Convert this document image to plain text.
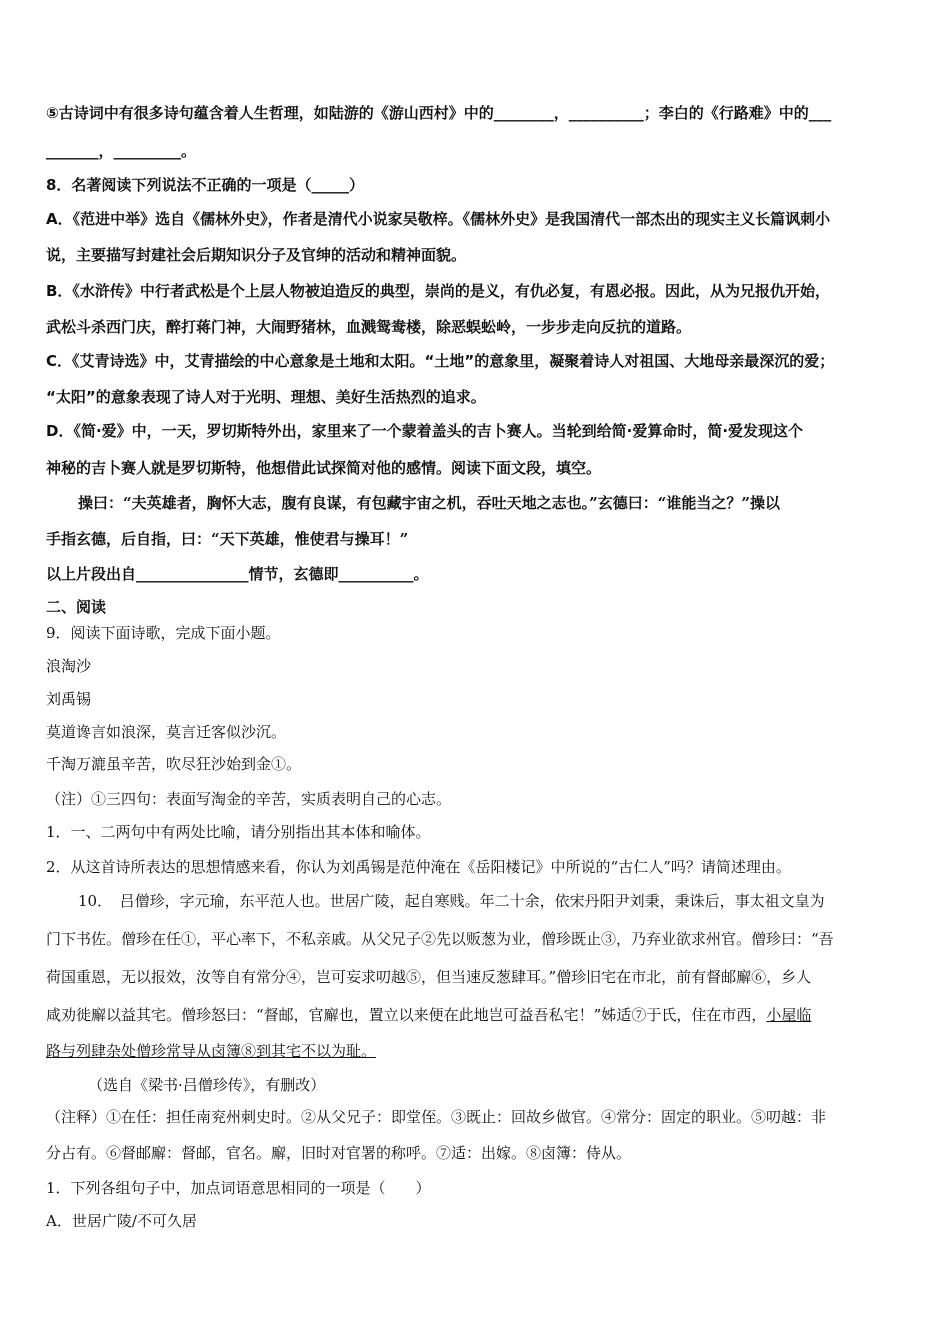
⑤古诗词中有很多诗句蕴含着人生哲理，如陆游的《游山西村》中的________，__________；李白的《行路难》中的___
_______，_________。
8．名著阅读下列说法不正确的一项是（_____）
A．《范进中举》选自《儒林外史》，作者是清代小说家吴敬梓。《儒林外史》是我国清代一部杰出的现实主义长篇讽刺小
说，主要描写封建社会后期知识分子及官绅的活动和精神面貌。
B．《水浒传》中行者武松是个上层人物被迫造反的典型，崇尚的是义，有仇必复，有恩必报。因此，从为兄报仇开始，
武松斗杀西门庆，醉打蒋门神，大闹野猪林，血溅鸳鸯楼，除恶蜈蚣岭，一步步走向反抗的道路。
C．《艾青诗选》中，艾青描绘的中心意象是土地和太阳。“土地”的意象里，凝聚着诗人对祖国、大地母亲最深沉的爱；
“太阳”的意象表现了诗人对于光明、理想、美好生活热烈的追求。
D．《简·爱》中，一天，罗切斯特外出，家里来了一个蒙着盖头的吉卜赛人。当轮到给简·爱算命时，简·爱发现这个
神秘的吉卜赛人就是罗切斯特，他想借此试探简对他的感情。阅读下面文段，填空。
操曰：“夫英雄者，胸怀大志，腹有良谋，有包藏宇宙之机，吞吐天地之志也。”玄德曰：“谁能当之？”操以
手指玄德，后自指，曰：“天下英雄，惟使君与操耳！”
以上片段出自_______________情节，玄德即__________。
二、阅读
9．阅读下面诗歌，完成下面小题。
浪淘沙
刘禹锡
莫道谗言如浪深，莫言迁客似沙沉。
千淘万漉虽辛苦，吹尽狂沙始到金①。
（注）①三四句：表面写淘金的辛苦，实质表明自己的心志。
1．一、二两句中有两处比喻，请分别指出其本体和喻体。
2．从这首诗所表达的思想情感来看，你认为刘禹锡是范仲淹在《岳阳楼记》中所说的“古仁人”吗？请简述理由。
10．　吕僧珍，字元瑜，东平范人也。世居广陵，起自寒贱。年二十余，依宋丹阳尹刘秉，秉诛后，事太祖文皇为
门下书佐。僧珍在任①，平心率下，不私亲戚。从父兄子②先以贩葱为业，僧珍既止③，乃弃业欲求州官。僧珍曰：“吾
荷国重恩，无以报效，汝等自有常分④，岂可妄求叨越⑤，但当速反葱肆耳。”僧珍旧宅在市北，前有督邮廨⑥，乡人
咸劝徙廨以益其宅。僧珍怒曰：“督邮，官廨也，置立以来便在此地岂可益吾私宅！”姊适⑦于氏，住在市西，小屋临
路与列肆杂处僧珍常导从卤簿⑧到其宅不以为耻。
（选自《梁书·吕僧珍传》，有删改）
（注释）①在任：担任南兖州刺史时。②从父兄子：即堂侄。③既止：回故乡做官。④常分：固定的职业。⑤叨越：非
分占有。⑥督邮廨：督邮，官名。廨，旧时对官署的称呼。⑦适：出嫁。⑧卤簿：侍从。
1．下列各组句子中，加点词语意思相同的一项是（　　）
A．世居广陵/不可久居
